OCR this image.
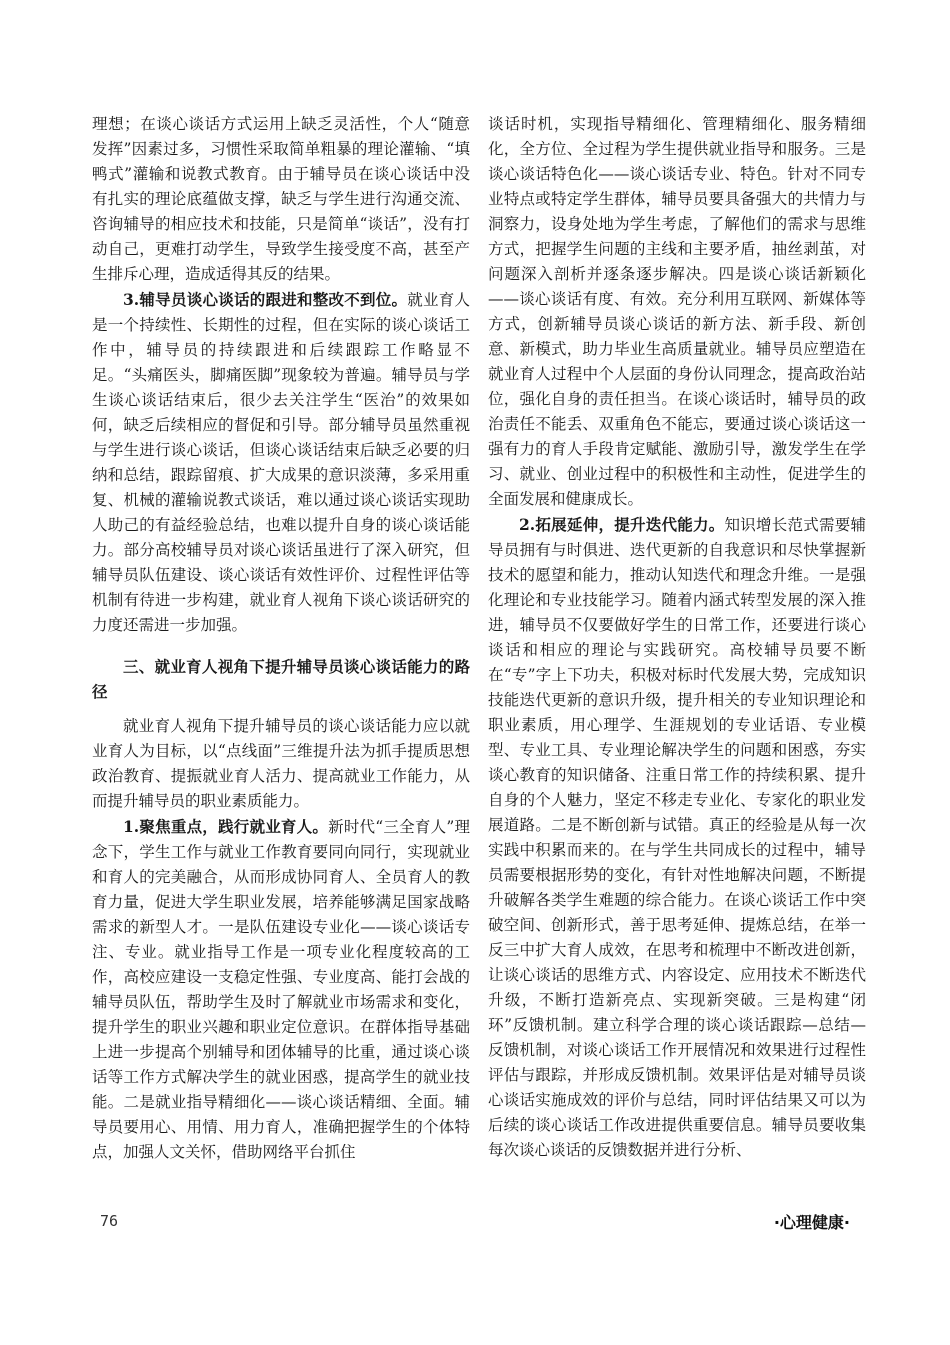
理想；在谈心谈话方式运用上缺乏灵活性，个人“随意发挥”因素过多，习惯性采取简单粗暴的理论灌输、“填鸭式”灌输和说教式教育。由于辅导员在谈心谈话中没有扎实的理论底蕴做支撑，缺乏与学生进行沟通交流、咨询辅导的相应技术和技能，只是简单“谈话”，没有打动自己，更难打动学生，导致学生接受度不高，甚至产生排斥心理，造成适得其反的结果。

3.辅导员谈心谈话的跟进和整改不到位。就业育人是一个持续性、长期性的过程，但在实际的谈心谈话工作中，辅导员的持续跟进和后续跟踪工作略显不足。“头痛医头，脚痛医脚”现象较为普遍。辅导员与学生谈心谈话结束后，很少去关注学生“医治”的效果如何，缺乏后续相应的督促和引导。部分辅导员虽然重视与学生进行谈心谈话，但谈心谈话结束后缺乏必要的归纳和总结，跟踪留痕、扩大成果的意识淡薄，多采用重复、机械的灌输说教式谈话，难以通过谈心谈话实现助人助己的有益经验总结，也难以提升自身的谈心谈话能力。部分高校辅导员对谈心谈话虽进行了深入研究，但辅导员队伍建设、谈心谈话有效性评价、过程性评估等机制有待进一步构建，就业育人视角下谈心谈话研究的力度还需进一步加强。

三、就业育人视角下提升辅导员谈心谈话能力的路径

就业育人视角下提升辅导员的谈心谈话能力应以就业育人为目标，以“点线面”三维提升法为抓手提质思想政治教育、提振就业育人活力、提高就业工作能力，从而提升辅导员的职业素质能力。

1.聚焦重点，践行就业育人。新时代“三全育人”理念下，学生工作与就业工作教育要同向同行，实现就业和育人的完美融合，从而形成协同育人、全员育人的教育力量，促进大学生职业发展，培养能够满足国家战略需求的新型人才。一是队伍建设专业化——谈心谈话专注、专业。就业指导工作是一项专业化程度较高的工作，高校应建设一支稳定性强、专业度高、能打会战的辅导员队伍，帮助学生及时了解就业市场需求和变化，提升学生的职业兴趣和职业定位意识。在群体指导基础上进一步提高个别辅导和团体辅导的比重，通过谈心谈话等工作方式解决学生的就业困惑，提高学生的就业技能。二是就业指导精细化——谈心谈话精细、全面。辅导员要用心、用情、用力育人，准确把握学生的个体特点，加强人文关怀，借助网络平台抓住

谈话时机，实现指导精细化、管理精细化、服务精细化，全方位、全过程为学生提供就业指导和服务。三是谈心谈话特色化——谈心谈话专业、特色。针对不同专业特点或特定学生群体，辅导员要具备强大的共情力与洞察力，设身处地为学生考虑，了解他们的需求与思维方式，把握学生问题的主线和主要矛盾，抽丝剥茧，对问题深入剖析并逐条逐步解决。四是谈心谈话新颖化——谈心谈话有度、有效。充分利用互联网、新媒体等方式，创新辅导员谈心谈话的新方法、新手段、新创意、新模式，助力毕业生高质量就业。辅导员应塑造在就业育人过程中个人层面的身份认同理念，提高政治站位，强化自身的责任担当。在谈心谈话时，辅导员的政治责任不能丢、双重角色不能忘，要通过谈心谈话这一强有力的育人手段肯定赋能、激励引导，激发学生在学习、就业、创业过程中的积极性和主动性，促进学生的全面发展和健康成长。

2.拓展延伸，提升迭代能力。知识增长范式需要辅导员拥有与时俱进、迭代更新的自我意识和尽快掌握新技术的愿望和能力，推动认知迭代和理念升维。一是强化理论和专业技能学习。随着内涵式转型发展的深入推进，辅导员不仅要做好学生的日常工作，还要进行谈心谈话和相应的理论与实践研究。高校辅导员要不断在“专”字上下功夫，积极对标时代发展大势，完成知识技能迭代更新的意识升级，提升相关的专业知识理论和职业素质，用心理学、生涯规划的专业话语、专业模型、专业工具、专业理论解决学生的问题和困惑，夯实谈心教育的知识储备、注重日常工作的持续积累、提升自身的个人魅力，坚定不移走专业化、专家化的职业发展道路。二是不断创新与试错。真正的经验是从每一次实践中积累而来的。在与学生共同成长的过程中，辅导员需要根据形势的变化，有针对性地解决问题，不断提升破解各类学生难题的综合能力。在谈心谈话工作中突破空间、创新形式，善于思考延伸、提炼总结，在举一反三中扩大育人成效，在思考和梳理中不断改进创新，让谈心谈话的思维方式、内容设定、应用技术不断迭代升级，不断打造新亮点、实现新突破。三是构建“闭环”反馈机制。建立科学合理的谈心谈话跟踪—总结—反馈机制，对谈心谈话工作开展情况和效果进行过程性评估与跟踪，并形成反馈机制。效果评估是对辅导员谈心谈话实施成效的评价与总结，同时评估结果又可以为后续的谈心谈话工作改进提供重要信息。辅导员要收集每次谈心谈话的反馈数据并进行分析、

76	·心理健康·
